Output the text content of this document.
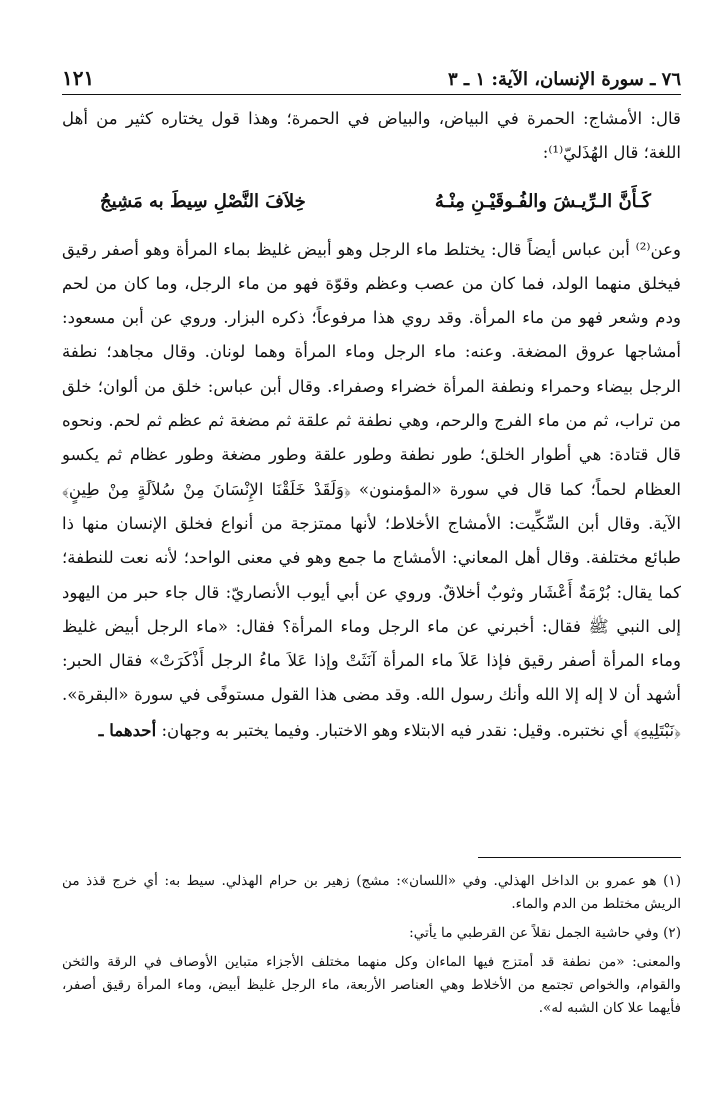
٧٦ ـ سورة الإنسان، الآية: ١ ـ ٣
١٢١

قال: الأمشاج: الحمرة في البياض، والبياض في الحمرة؛ وهذا قول يختاره كثير من أهل اللغة؛ قال الهُذَليّ⁽¹⁾:

كَـأَنَّ الـرِّيـشَ والفُـوقَيْـنِ مِنْـهُ
خِلاَفَ النَّصْلِ سِيطَ به مَشِيجُ

وعن⁽²⁾ أبن عباس أيضاً قال: يختلط ماء الرجل وهو أبيض غليظ بماء المرأة وهو أصفر رقيق فيخلق منهما الولد، فما كان من عصب وعظم وقوّة فهو من ماء الرجل، وما كان من لحم ودم وشعر فهو من ماء المرأة. وقد روي هذا مرفوعاً؛ ذكره البزار. وروي عن أبن مسعود: أمشاجها عروق المضغة. وعنه: ماء الرجل وماء المرأة وهما لونان. وقال مجاهد؛ نطفة الرجل بيضاء وحمراء ونطفة المرأة خضراء وصفراء. وقال أبن عباس: خلق من ألوان؛ خلق من تراب، ثم من ماء الفرج والرحم، وهي نطفة ثم علقة ثم مضغة ثم عظم ثم لحم. ونحوه قال قتادة: هي أطوار الخلق؛ طور نطفة وطور علقة وطور مضغة وطور عظام ثم يكسو العظام لحماً؛ كما قال في سورة «المؤمنون» ﴿وَلَقَدْ خَلَقْنَا الإِنْسَانَ مِنْ سُلاَلَةٍ مِنْ طِينٍ﴾ الآية. وقال أبن السِّكِّيت: الأمشاج الأخلاط؛ لأنها ممتزجة من أنواع فخلق الإنسان منها ذا طبائع مختلفة. وقال أهل المعاني: الأمشاج ما جمع وهو في معنى الواحد؛ لأنه نعت للنطفة؛ كما يقال: بُرْمَةٌ أَعْشَار وثوبٌ أخلاقٌ. وروي عن أبي أيوب الأنصاريّ: قال جاء حبر من اليهود إلى النبي ﷺ فقال: أخبرني عن ماء الرجل وماء المرأة؟ فقال: «ماء الرجل أبيض غليظ وماء المرأة أصفر رقيق فإذا عَلاَ ماء المرأة آنَثَتْ وإذا عَلاَ ماءُ الرجل أَذْكَرَتْ» فقال الحبر: أشهد أن لا إله إلا الله وأنك رسول الله. وقد مضى هذا القول مستوفًى في سورة «البقرة». ﴿نَبْتَلِيهِ﴾ أي نختبره. وقيل: نقدر فيه الابتلاء وهو الاختبار. وفيما يختبر به وجهان: أحدهما ـ

(١) هو عمرو بن الداخل الهذلي. وفي «اللسان»: مشج) زهير بن حرام الهذلي. سيط به: أي خرج قذذ من الريش مختلط من الدم والماء.

(٢) وفي حاشية الجمل نقلاً عن القرطبي ما يأتي:

والمعنى: «من نطفة قد أمتزج فيها الماءان وكل منهما مختلف الأجزاء متباين الأوصاف في الرقة والثخن والقوام، والخواص تجتمع من الأخلاط وهي العناصر الأربعة، ماء الرجل غليظ أبيض، وماء المرأة رقيق أصفر، فأيهما علا كان الشبه له».
